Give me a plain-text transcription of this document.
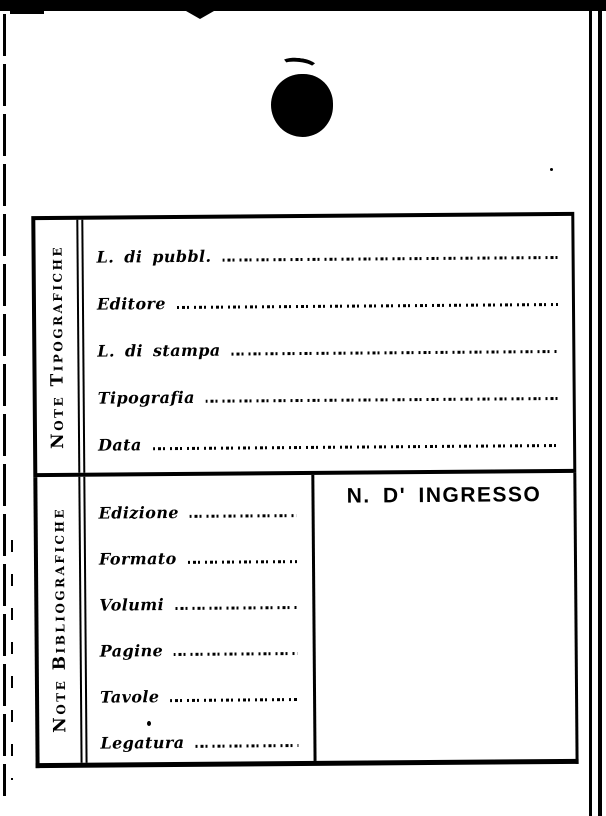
Note Tipografiche L. di pubbl.
Editore
L. di stampa
Tipografia
Data
Note Bibliografiche Edizione
Formato
Volumi
Pagine
Tavole
Legatura
N. D' INGRESSO
